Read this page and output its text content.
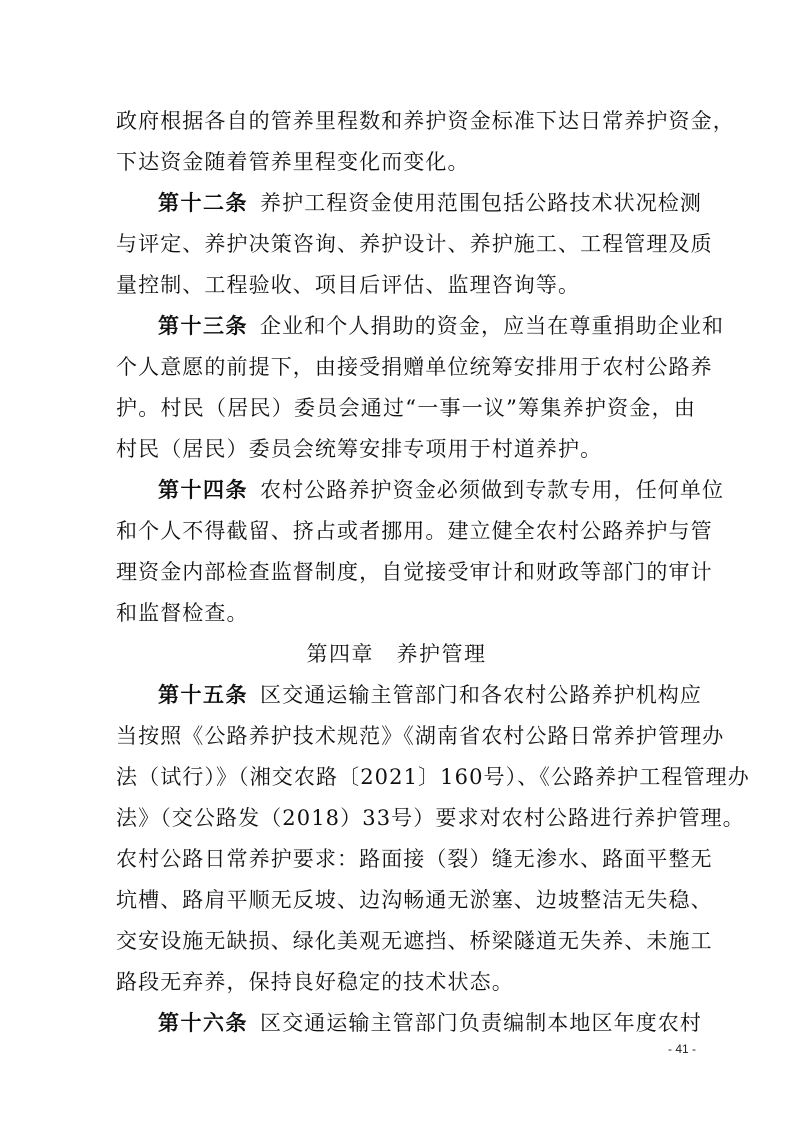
政府根据各自的管养里程数和养护资金标准下达日常养护资金，
下达资金随着管养里程变化而变化。
第十二条 养护工程资金使用范围包括公路技术状况检测
与评定、养护决策咨询、养护设计、养护施工、工程管理及质
量控制、工程验收、项目后评估、监理咨询等。
第十三条 企业和个人捐助的资金，应当在尊重捐助企业和
个人意愿的前提下，由接受捐赠单位统筹安排用于农村公路养
护。村民（居民）委员会通过“一事一议”筹集养护资金，由
村民（居民）委员会统筹安排专项用于村道养护。
第十四条 农村公路养护资金必须做到专款专用，任何单位
和个人不得截留、挤占或者挪用。建立健全农村公路养护与管
理资金内部检查监督制度，自觉接受审计和财政等部门的审计
和监督检查。
第四章　养护管理
第十五条 区交通运输主管部门和各农村公路养护机构应
当按照《公路养护技术规范》《湖南省农村公路日常养护管理办
法（试行）》（湘交农路〔2021〕160号）、《公路养护工程管理办
法》（交公路发（2018）33号）要求对农村公路进行养护管理。
农村公路日常养护要求：路面接（裂）缝无渗水、路面平整无
坑槽、路肩平顺无反坡、边沟畅通无淤塞、边坡整洁无失稳、
交安设施无缺损、绿化美观无遮挡、桥梁隧道无失养、未施工
路段无弃养，保持良好稳定的技术状态。
第十六条 区交通运输主管部门负责编制本地区年度农村
- 41 -
